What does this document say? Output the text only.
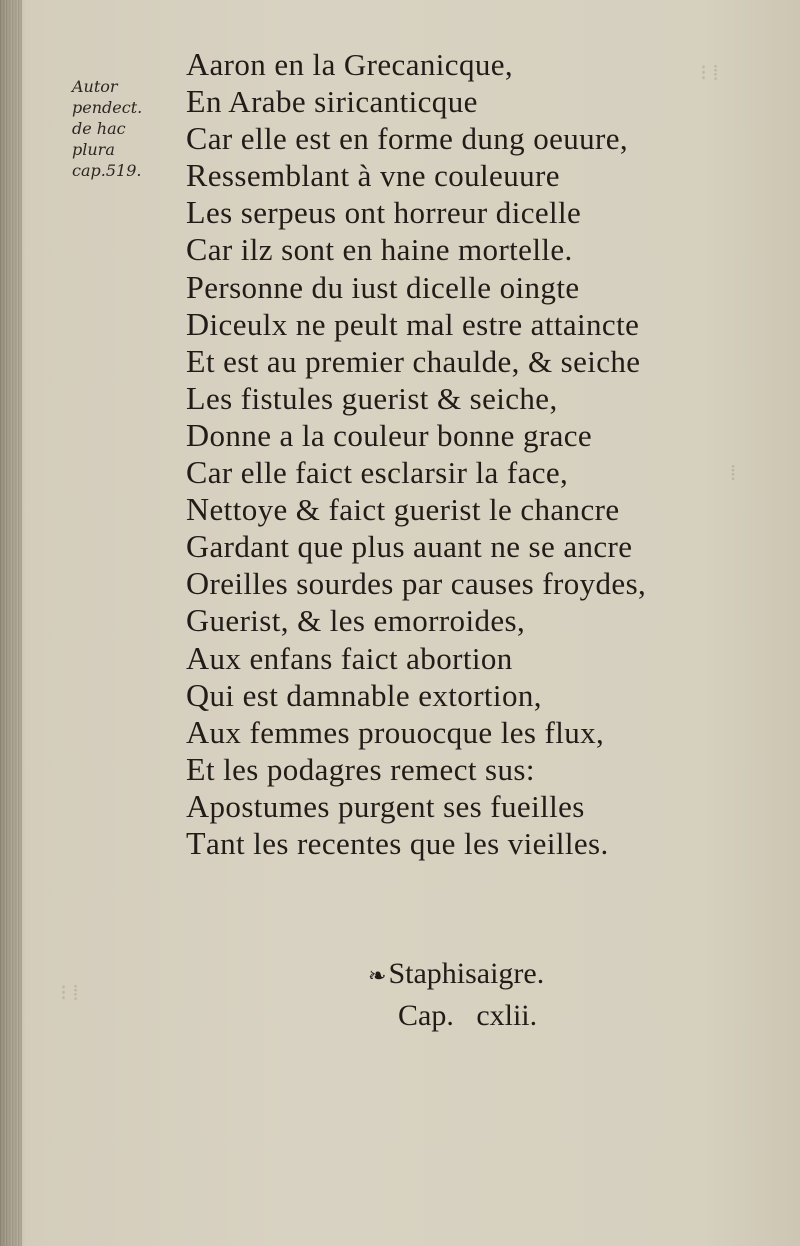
⁝ ⁞
⁞
⁝ ⁞
Autor
pendect.
de hac
plura
cap.519.
Aaron en la Grecanicque,
En Arabe siricanticque
Car elle est en forme dung oeuure,
Ressemblant à vne couleuure
Les serpeus ont horreur dicelle
Car ilz sont en haine mortelle.
Personne du iust dicelle oingte
Diceulx ne peult mal estre attaincte
Et est au premier chaulde, & seiche
Les fistules guerist & seiche,
Donne a la couleur bonne grace
Car elle faict esclarsir la face,
Nettoye & faict guerist le chancre
Gardant que plus auant ne se ancre
Oreilles sourdes par causes froydes,
Guerist, & les emorroides,
Aux enfans faict abortion
Qui est damnable extortion,
Aux femmes prouocque les flux,
Et les podagres remect sus:
Apostumes purgent ses fueilles
Tant les recentes que les vieilles.
❧Staphisaigre.
Cap.   cxlii.
